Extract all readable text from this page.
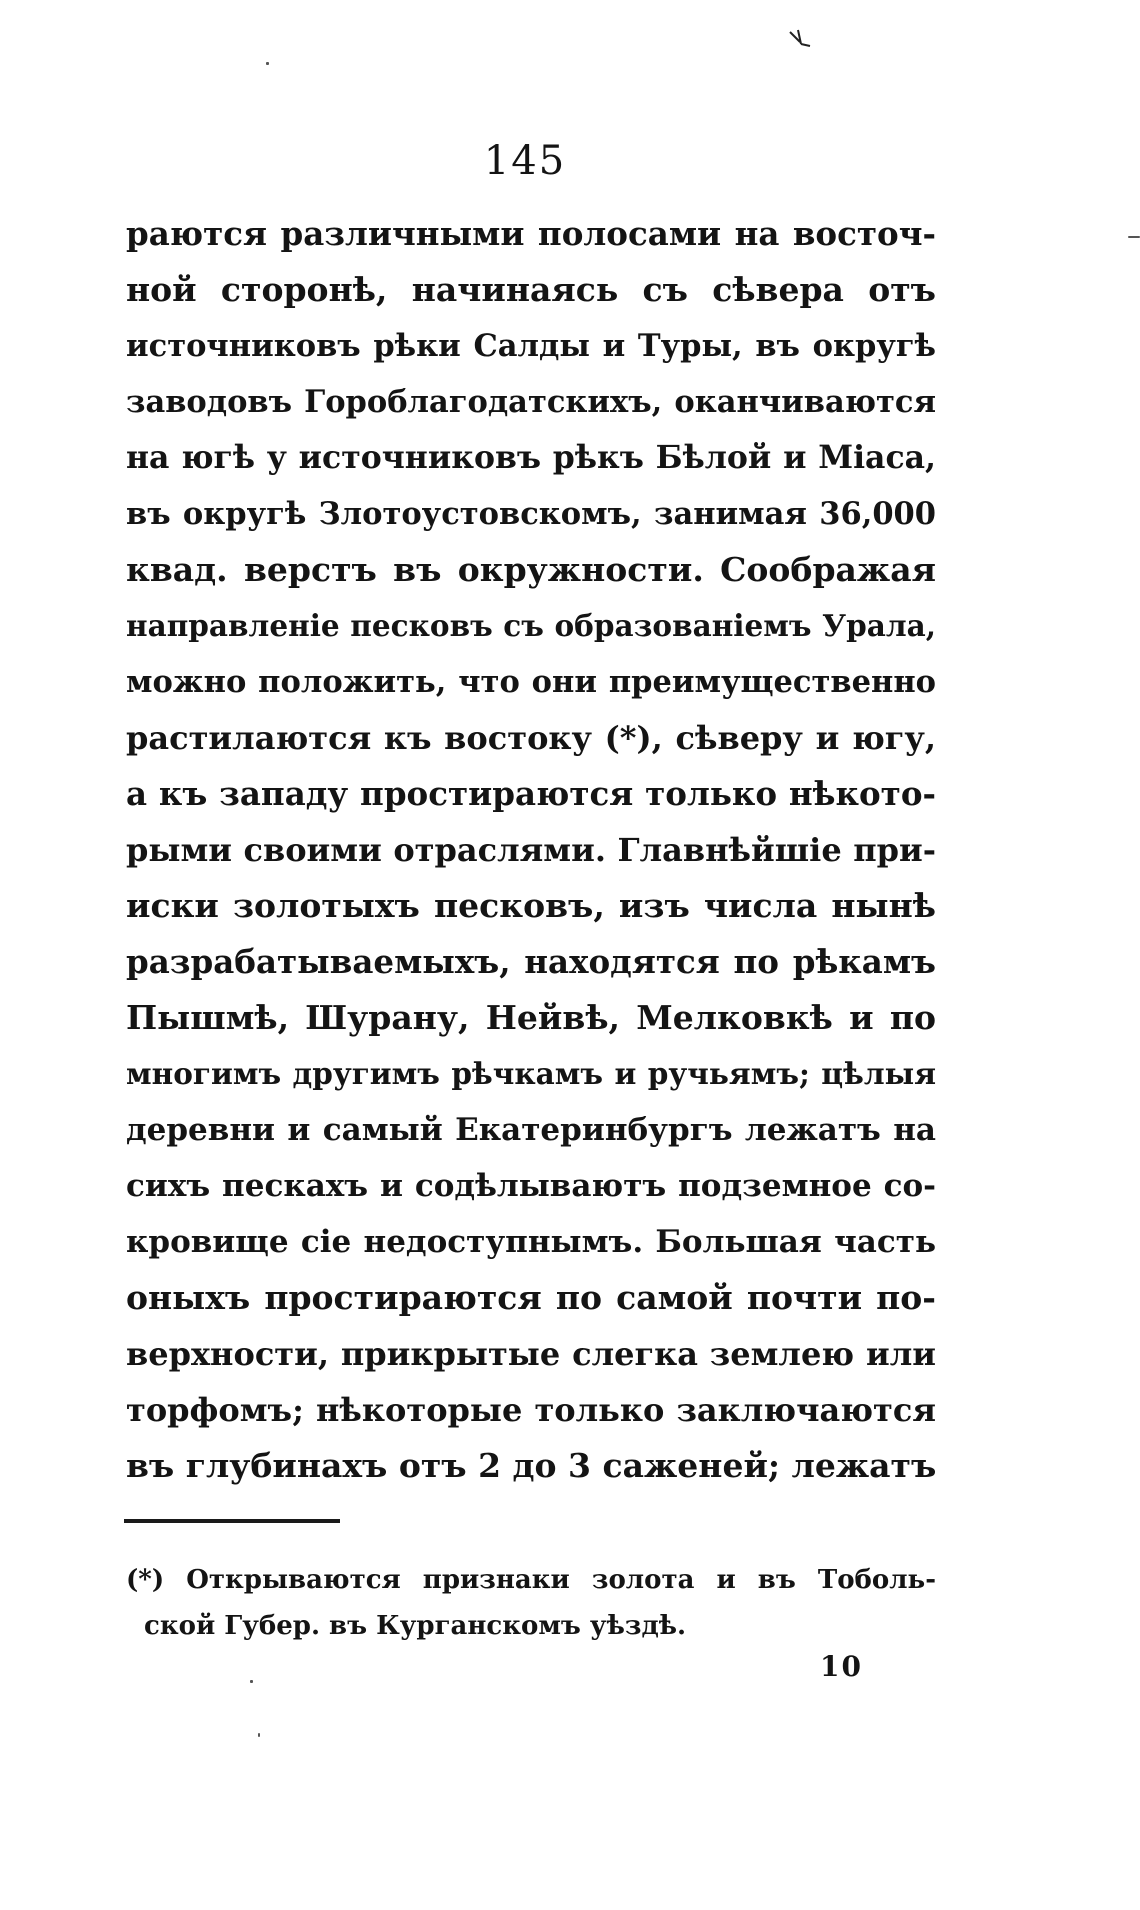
145
раются различными полосами на восточ-
ной сторонѣ, начинаясь съ сѣвера отъ
источниковъ рѣки Салды и Туры, въ округѣ
заводовъ Гороблагодатскихъ, оканчиваются
на югѣ у источниковъ рѣкъ Бѣлой и Міаса,
въ округѣ Злотоустовскомъ, занимая 36,000
квад. верстъ въ окружности. Соображая
направленіе песковъ съ образованіемъ Урала,
можно положить, что они преимущественно
растилаются къ востоку (*), сѣверу и югу,
а къ западу простираются только нѣкото-
рыми своими отраслями. Главнѣйшіе при-
иски золотыхъ песковъ, изъ числа нынѣ
разрабатываемыхъ, находятся по рѣкамъ
Пышмѣ, Шурану, Нейвѣ, Мелковкѣ и по
многимъ другимъ рѣчкамъ и ручьямъ; цѣлыя
деревни и самый Екатеринбургъ лежатъ на
сихъ пескахъ и содѣлываютъ подземное со-
кровище сіе недоступнымъ. Большая часть
оныхъ простираются по самой почти по-
верхности, прикрытые слегка землею или
торфомъ; нѣкоторые только заключаются
въ глубинахъ отъ 2 до 3 саженей; лежатъ
(*) Открываются признаки золота и въ Тоболь-
ской Губер. въ Курганскомъ уѣздѣ.
10
